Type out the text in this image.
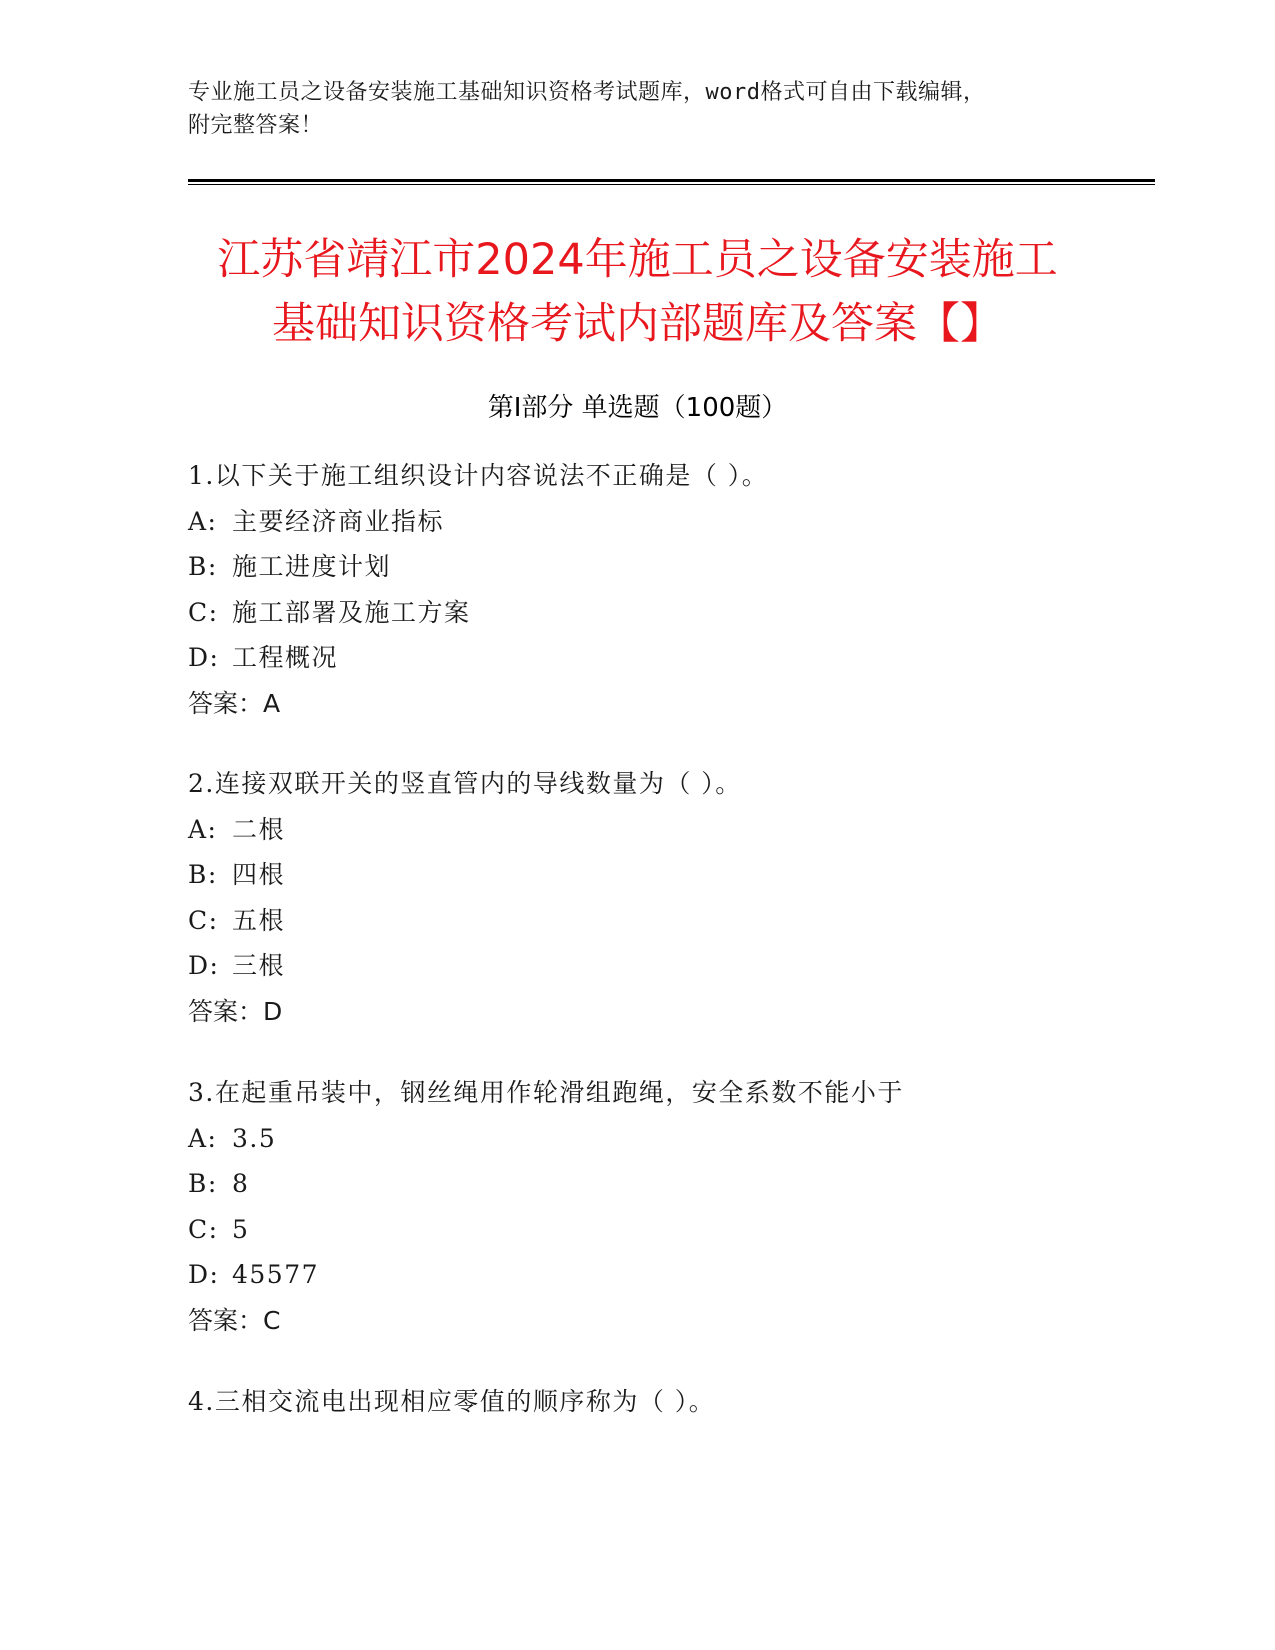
专业施工员之设备安装施工基础知识资格考试题库，word格式可自由下载编辑，
附完整答案！
江苏省靖江市2024年施工员之设备安装施工
基础知识资格考试内部题库及答案【】
第Ⅰ部分 单选题（100题）
1.以下关于施工组织设计内容说法不正确是（ ）。
A: 主要经济商业指标
B: 施工进度计划
C: 施工部署及施工方案
D: 工程概况
答案：A
2.连接双联开关的竖直管内的导线数量为（ ）。
A: 二根
B: 四根
C: 五根
D: 三根
答案：D
3.在起重吊装中，钢丝绳用作轮滑组跑绳，安全系数不能小于
A: 3.5
B: 8
C: 5
D: 45577
答案：C
4.三相交流电出现相应零值的顺序称为（ ）。
